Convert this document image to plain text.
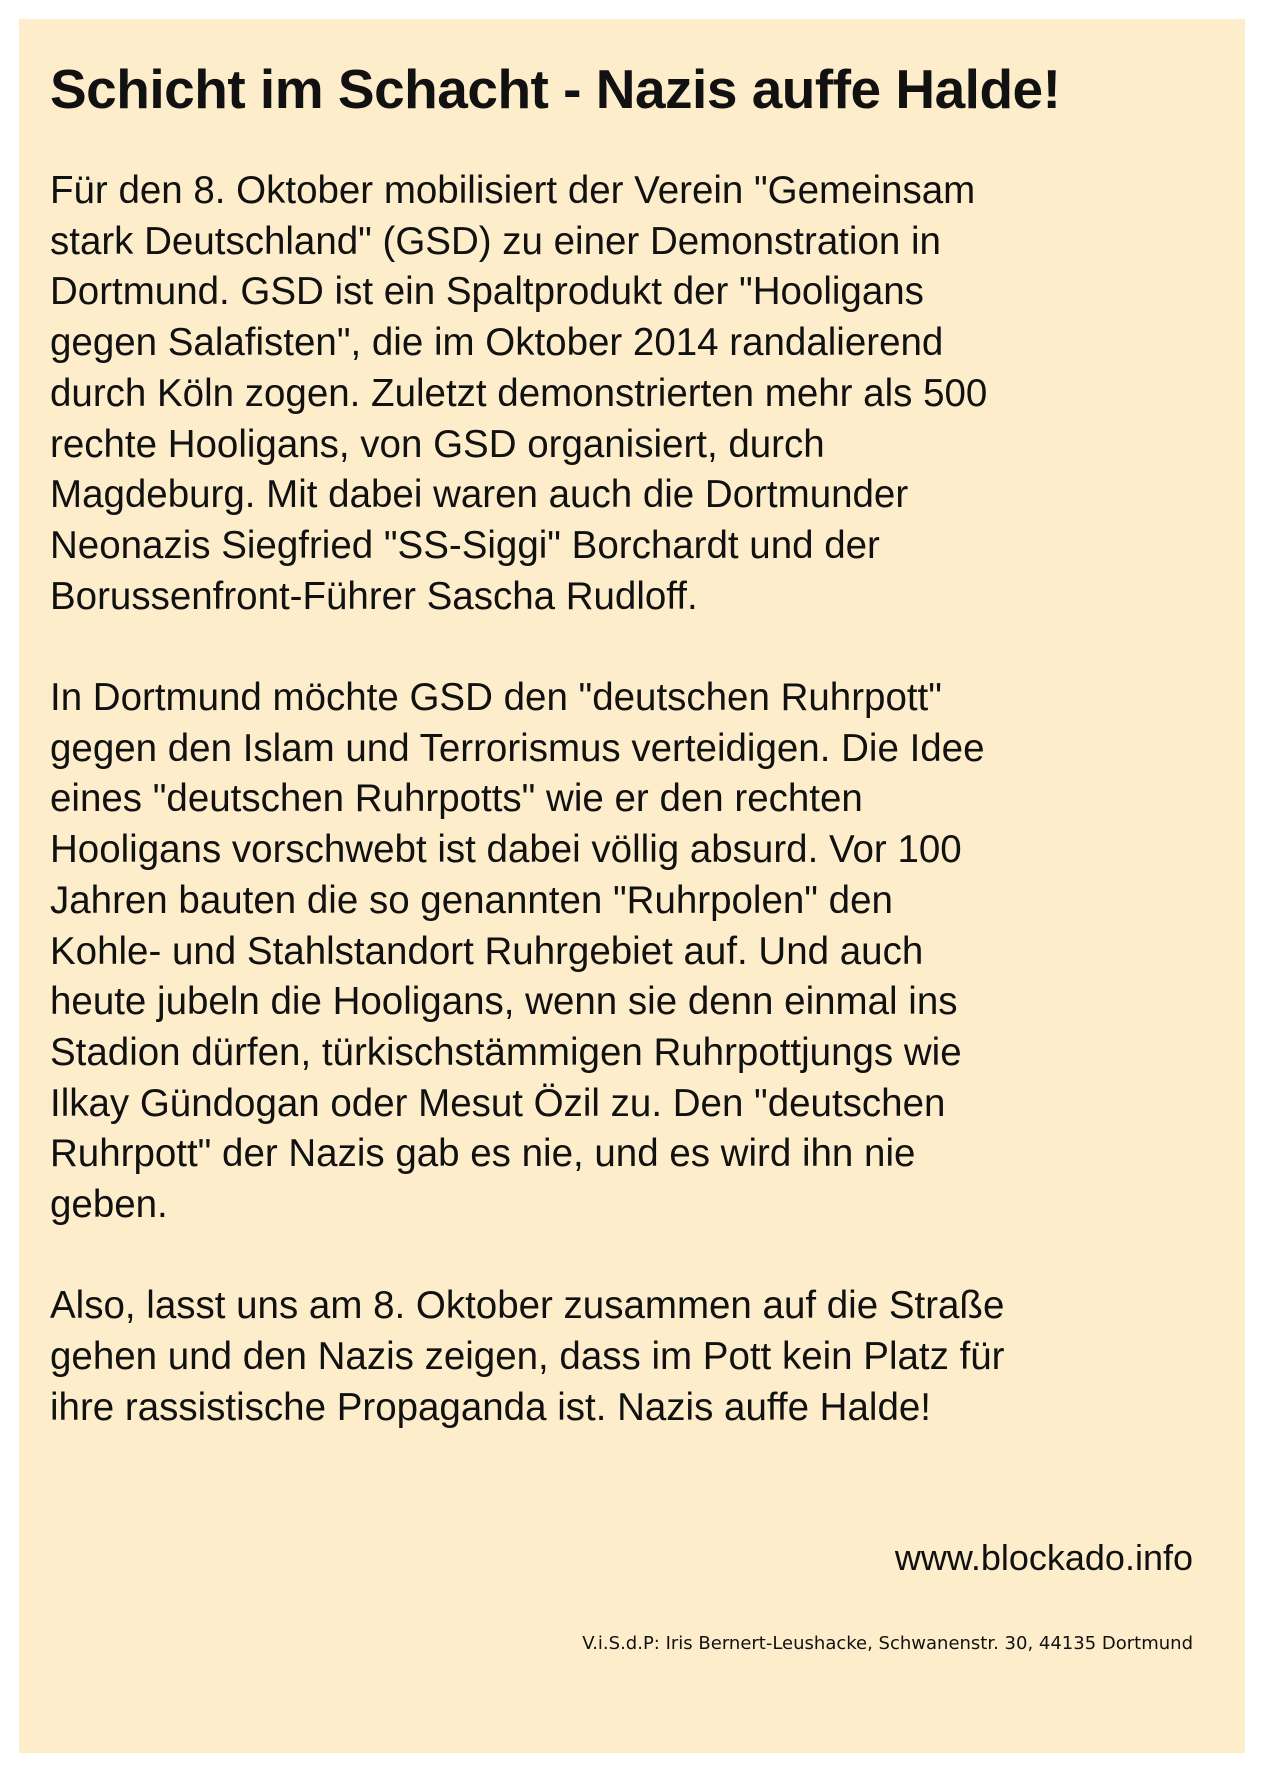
Schicht im Schacht - Nazis auffe Halde!

Für den 8. Oktober mobilisiert der Verein "Gemeinsam
stark Deutschland" (GSD) zu einer Demonstration in
Dortmund. GSD ist ein Spaltprodukt der "Hooligans
gegen Salafisten", die im Oktober 2014 randalierend
durch Köln zogen. Zuletzt demonstrierten mehr als 500
rechte Hooligans, von GSD organisiert, durch
Magdeburg. Mit dabei waren auch die Dortmunder
Neonazis Siegfried "SS-Siggi" Borchardt und der
Borussenfront-Führer Sascha Rudloff.

In Dortmund möchte GSD den "deutschen Ruhrpott"
gegen den Islam und Terrorismus verteidigen. Die Idee
eines "deutschen Ruhrpotts" wie er den rechten
Hooligans vorschwebt ist dabei völlig absurd. Vor 100
Jahren bauten die so genannten "Ruhrpolen" den
Kohle- und Stahlstandort Ruhrgebiet auf. Und auch
heute jubeln die Hooligans, wenn sie denn einmal ins
Stadion dürfen, türkischstämmigen Ruhrpottjungs wie
Ilkay Gündogan oder Mesut Özil zu. Den "deutschen
Ruhrpott" der Nazis gab es nie, und es wird ihn nie
geben.

Also, lasst uns am 8. Oktober zusammen auf die Straße
gehen und den Nazis zeigen, dass im Pott kein Platz für
ihre rassistische Propaganda ist. Nazis auffe Halde!

www.blockado.info

V.i.S.d.P: Iris Bernert-Leushacke, Schwanenstr. 30, 44135 Dortmund
